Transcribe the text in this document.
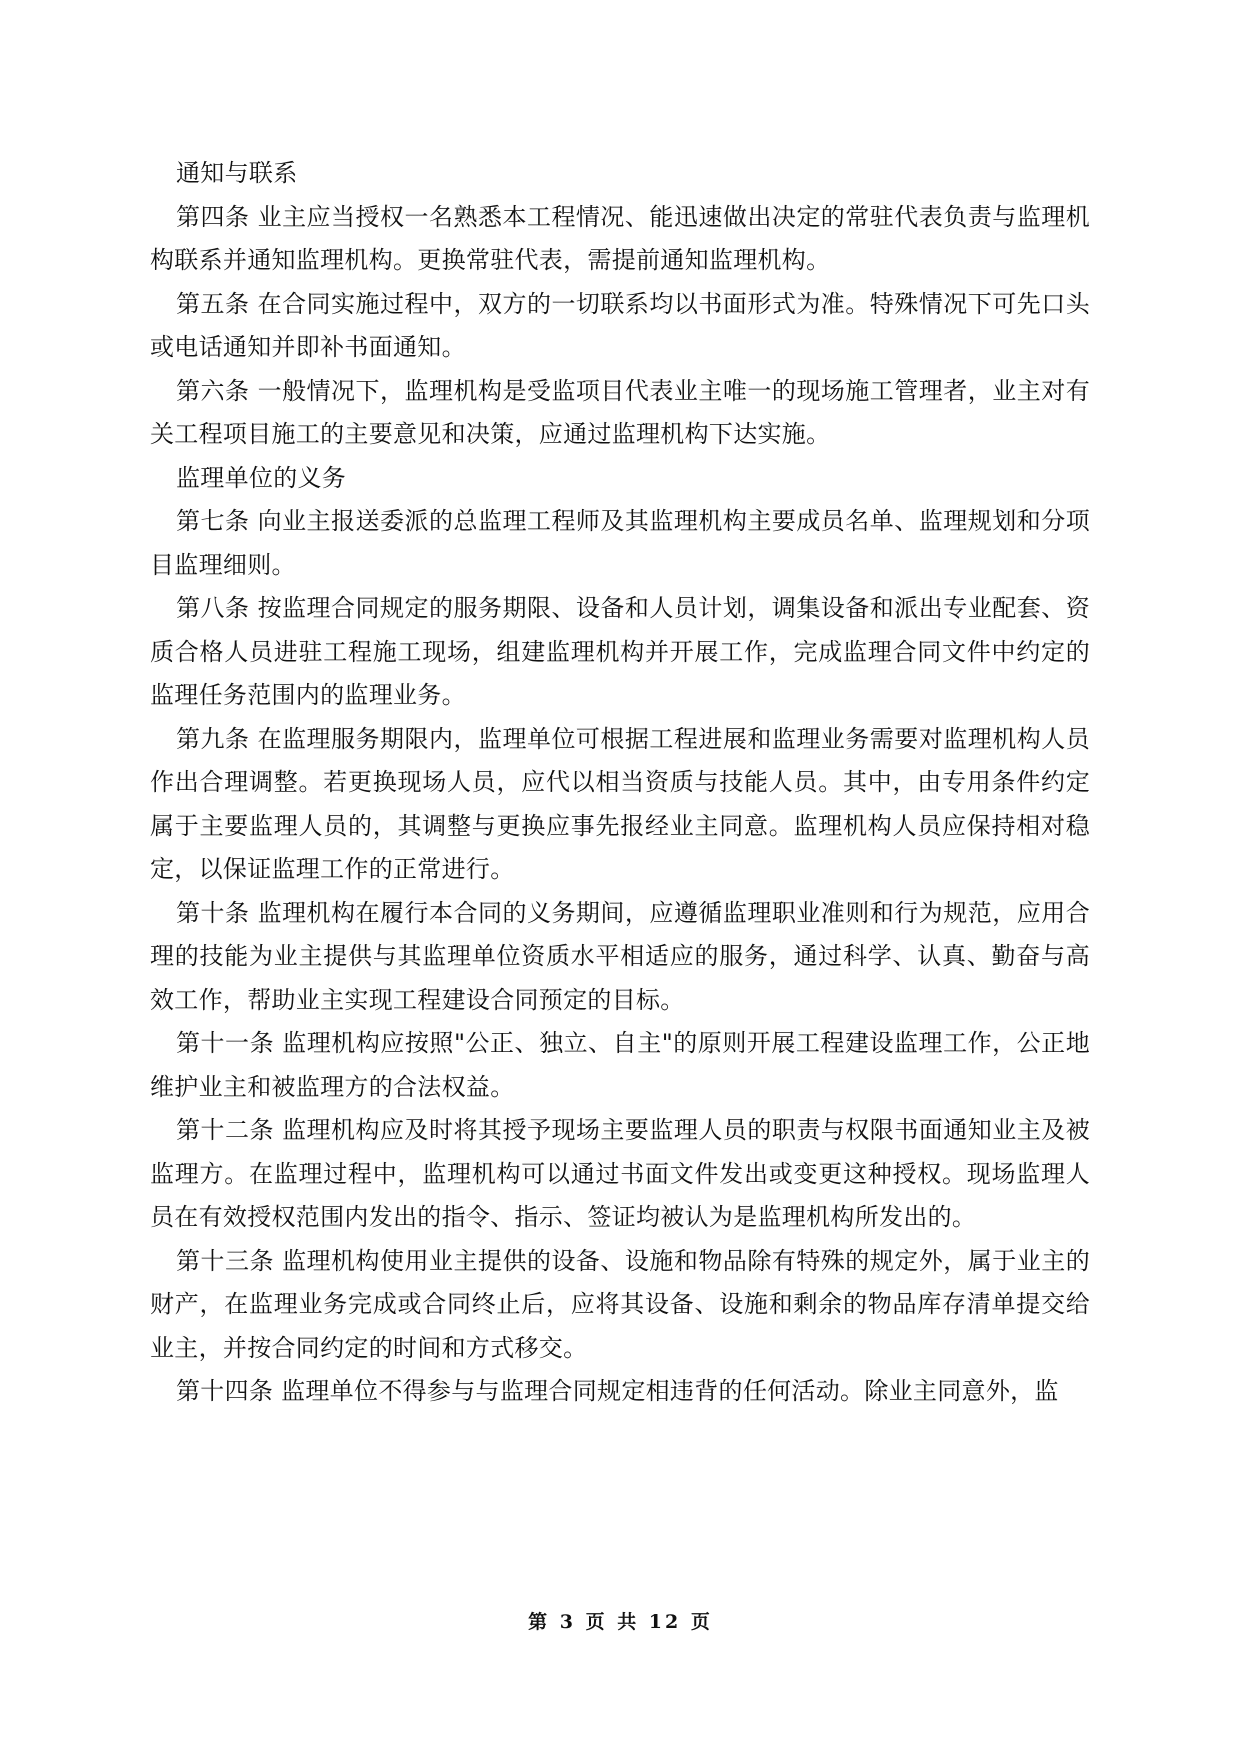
通知与联系

第四条 业主应当授权一名熟悉本工程情况、能迅速做出决定的常驻代表负责与监理机构联系并通知监理机构。更换常驻代表，需提前通知监理机构。

第五条 在合同实施过程中，双方的一切联系均以书面形式为准。特殊情况下可先口头或电话通知并即补书面通知。

第六条 一般情况下，监理机构是受监项目代表业主唯一的现场施工管理者，业主对有关工程项目施工的主要意见和决策，应通过监理机构下达实施。

监理单位的义务

第七条 向业主报送委派的总监理工程师及其监理机构主要成员名单、监理规划和分项目监理细则。

第八条 按监理合同规定的服务期限、设备和人员计划，调集设备和派出专业配套、资质合格人员进驻工程施工现场，组建监理机构并开展工作，完成监理合同文件中约定的监理任务范围内的监理业务。

第九条 在监理服务期限内，监理单位可根据工程进展和监理业务需要对监理机构人员作出合理调整。若更换现场人员，应代以相当资质与技能人员。其中，由专用条件约定属于主要监理人员的，其调整与更换应事先报经业主同意。监理机构人员应保持相对稳定，以保证监理工作的正常进行。

第十条 监理机构在履行本合同的义务期间，应遵循监理职业准则和行为规范，应用合理的技能为业主提供与其监理单位资质水平相适应的服务，通过科学、认真、勤奋与高效工作，帮助业主实现工程建设合同预定的目标。

第十一条 监理机构应按照"公正、独立、自主"的原则开展工程建设监理工作，公正地维护业主和被监理方的合法权益。

第十二条 监理机构应及时将其授予现场主要监理人员的职责与权限书面通知业主及被监理方。在监理过程中，监理机构可以通过书面文件发出或变更这种授权。现场监理人员在有效授权范围内发出的指令、指示、签证均被认为是监理机构所发出的。

第十三条 监理机构使用业主提供的设备、设施和物品除有特殊的规定外，属于业主的财产，在监理业务完成或合同终止后，应将其设备、设施和剩余的物品库存清单提交给业主，并按合同约定的时间和方式移交。

第十四条 监理单位不得参与与监理合同规定相违背的任何活动。除业主同意外，监

第 3 页 共 12 页
